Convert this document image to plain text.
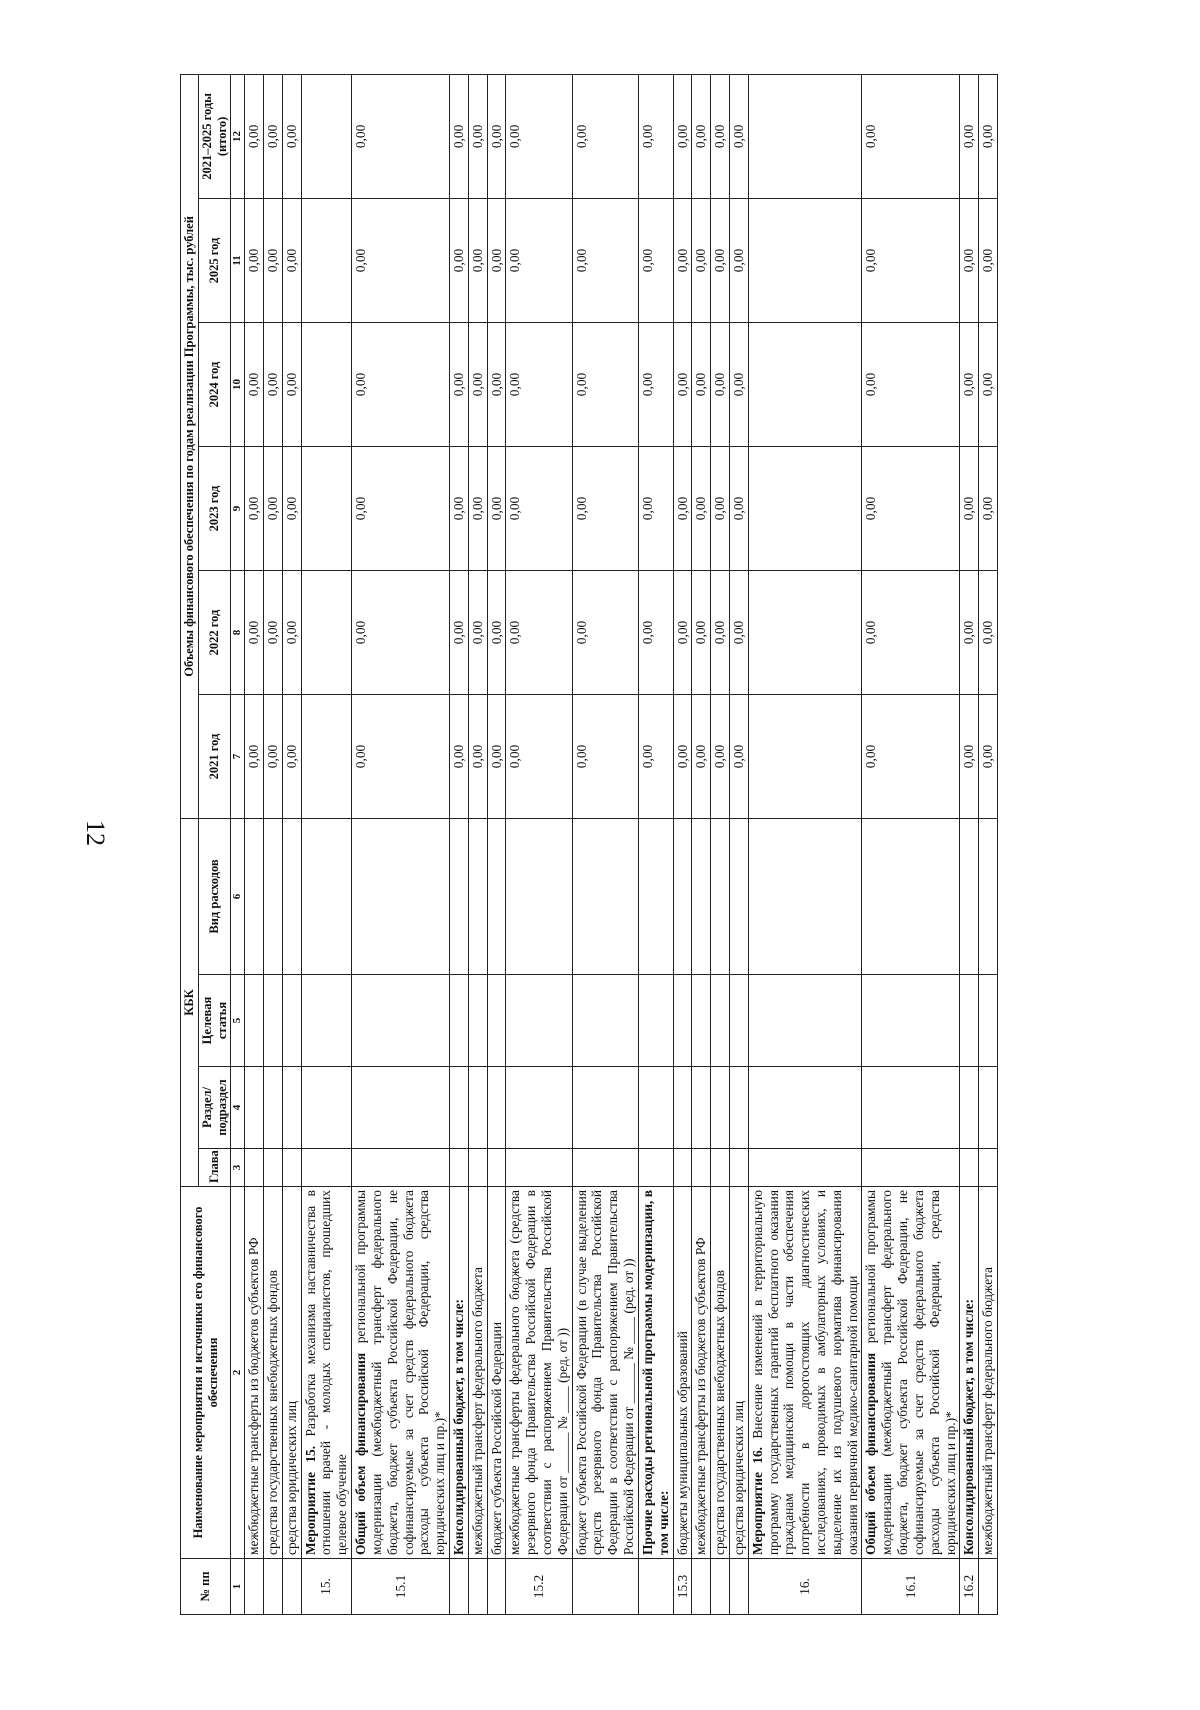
12
№ пп	Наименование мероприятия и источники его финансового обеспечения	КБК				Объемы финансового обеспечения по годам реализации Программы, тыс. рублей					
		Глава	Раздел/ подраздел	Целевая статья	Вид расходов	2021 год	2022 год	2023 год	2024 год	2025 год	2021–2025 годы (итого)
1	2	3	4	5	6	7	8	9	10	11	12
	межбюджетные трансферты из бюджетов субъектов РФ					0,00	0,00	0,00	0,00	0,00	0,00
	средства государственных внебюджетных фондов					0,00	0,00	0,00	0,00	0,00	0,00
	средства юридических лиц					0,00	0,00	0,00	0,00	0,00	0,00
15.	Мероприятие 15. Разработка механизма наставничества в отношении врачей - молодых специалистов, прошедших целевое обучение										
15.1	Общий объем финансирования региональной программы модернизации (межбюджетный трансферт федерального бюджета, бюджет субъекта Российской Федерации, не софинансируемые за счет средств федерального бюджета расходы субъекта Российской Федерации, средства юридических лиц и пр.)*					0,00	0,00	0,00	0,00	0,00	0,00
	Консолидированный бюджет, в том числе:					0,00	0,00	0,00	0,00	0,00	0,00
	межбюджетный трансферт федерального бюджета					0,00	0,00	0,00	0,00	0,00	0,00
	бюджет субъекта Российской Федерации					0,00	0,00	0,00	0,00	0,00	0,00
15.2	межбюджетные трансферты федерального бюджета (средства резервного фонда Правительства Российской Федерации в соответствии с распоряжением Правительства Российской Федерации от ______ № ____ (ред. от ))					0,00	0,00	0,00	0,00	0,00	0,00
	бюджет субъекта Российской Федерации (в случае выделения средств резервного фонда Правительства Российской Федерации в соответствии с распоряжением Правительства Российской Федерации от ______ № ____ (ред. от ))					0,00	0,00	0,00	0,00	0,00	0,00
	Прочие расходы региональной программы модернизации, в том числе:					0,00	0,00	0,00	0,00	0,00	0,00
15.3	бюджеты муниципальных образований					0,00	0,00	0,00	0,00	0,00	0,00
	межбюджетные трансферты из бюджетов субъектов РФ					0,00	0,00	0,00	0,00	0,00	0,00
	средства государственных внебюджетных фондов					0,00	0,00	0,00	0,00	0,00	0,00
	средства юридических лиц					0,00	0,00	0,00	0,00	0,00	0,00
16.	Мероприятие 16. Внесение изменений в территориальную программу государственных гарантий бесплатного оказания гражданам медицинской помощи в части обеспечения потребности в дорогостоящих диагностических исследованиях, проводимых в амбулаторных условиях, и выделение их из подушевого норматива финансирования оказания первичной медико-санитарной помощи										
16.1	Общий объем финансирования региональной программы модернизации (межбюджетный трансферт федерального бюджета, бюджет субъекта Российской Федерации, не софинансируемые за счет средств федерального бюджета расходы субъекта Российской Федерации, средства юридических лиц и пр.)*					0,00	0,00	0,00	0,00	0,00	0,00
16.2	Консолидированный бюджет, в том числе:					0,00	0,00	0,00	0,00	0,00	0,00
	межбюджетный трансферт федерального бюджета					0,00	0,00	0,00	0,00	0,00	0,00
